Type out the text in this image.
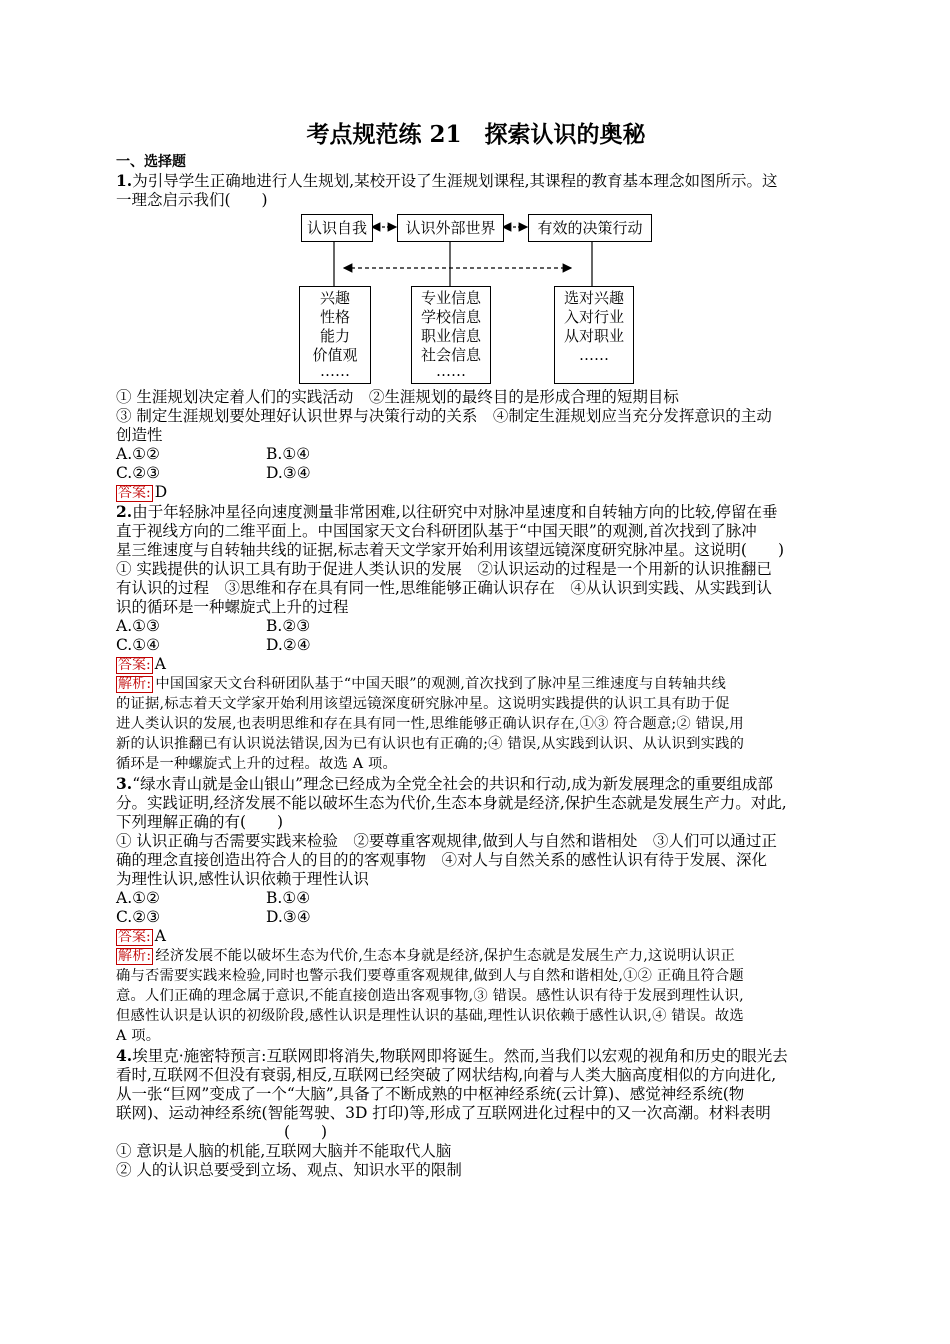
考点规范练 21　探索认识的奥秘
一、选择题

1.为引导学生正确地进行人生规划,某校开设了生涯规划课程,其课程的教育基本理念如图所示。这

一理念启示我们(　　)

认识自我	认识外部世界	有效的决策行动
兴趣
性格
能力
价值观
……
专业信息
学校信息
职业信息
社会信息
……
选对兴趣
入对行业
从对职业
……

① 生涯规划决定着人们的实践活动　②生涯规划的最终目的是形成合理的短期目标

③ 制定生涯规划要处理好认识世界与决策行动的关系　④制定生涯规划应当充分发挥意识的主动

创造性

A.①②	B.①④
C.②③	D.③④

答案: D

2.由于年轻脉冲星径向速度测量非常困难,以往研究中对脉冲星速度和自转轴方向的比较,停留在垂

直于视线方向的二维平面上。中国国家天文台科研团队基于“中国天眼”的观测,首次找到了脉冲

星三维速度与自转轴共线的证据,标志着天文学家开始利用该望远镜深度研究脉冲星。这说明(　　)

① 实践提供的认识工具有助于促进人类认识的发展　②认识运动的过程是一个用新的认识推翻已

有认识的过程　③思维和存在具有同一性,思维能够正确认识存在　④从认识到实践、从实践到认

识的循环是一种螺旋式上升的过程

A.①③	B.②③
C.①④	D.②④

答案: A

解析: 中国国家天文台科研团队基于“中国天眼”的观测,首次找到了脉冲星三维速度与自转轴共线
的证据,标志着天文学家开始利用该望远镜深度研究脉冲星。这说明实践提供的认识工具有助于促
进人类认识的发展,也表明思维和存在具有同一性,思维能够正确认识存在,①③ 符合题意;② 错误,用
新的认识推翻已有认识说法错误,因为已有认识也有正确的;④ 错误,从实践到认识、从认识到实践的
循环是一种螺旋式上升的过程。故选 A 项。

3.“绿水青山就是金山银山”理念已经成为全党全社会的共识和行动,成为新发展理念的重要组成部

分。实践证明,经济发展不能以破坏生态为代价,生态本身就是经济,保护生态就是发展生产力。对此,

下列理解正确的有(　　)

① 认识正确与否需要实践来检验　②要尊重客观规律,做到人与自然和谐相处　③人们可以通过正

确的理念直接创造出符合人的目的的客观事物　④对人与自然关系的感性认识有待于发展、深化

为理性认识,感性认识依赖于理性认识

A.①②	B.①④
C.②③	D.③④

答案: A

解析: 经济发展不能以破坏生态为代价,生态本身就是经济,保护生态就是发展生产力,这说明认识正
确与否需要实践来检验,同时也警示我们要尊重客观规律,做到人与自然和谐相处,①② 正确且符合题
意。人们正确的理念属于意识,不能直接创造出客观事物,③ 错误。感性认识有待于发展到理性认识,
但感性认识是认识的初级阶段,感性认识是理性认识的基础,理性认识依赖于感性认识,④ 错误。故选
A 项。

4.埃里克·施密特预言:互联网即将消失,物联网即将诞生。然而,当我们以宏观的视角和历史的眼光去

看时,互联网不但没有衰弱,相反,互联网已经突破了网状结构,向着与人类大脑高度相似的方向进化,

从一张“巨网”变成了一个“大脑”,具备了不断成熟的中枢神经系统(云计算)、感觉神经系统(物

联网)、运动神经系统(智能驾驶、3D 打印)等,形成了互联网进化过程中的又一次高潮。材料表明

(　　)

① 意识是人脑的机能,互联网大脑并不能取代人脑

② 人的认识总要受到立场、观点、知识水平的限制
